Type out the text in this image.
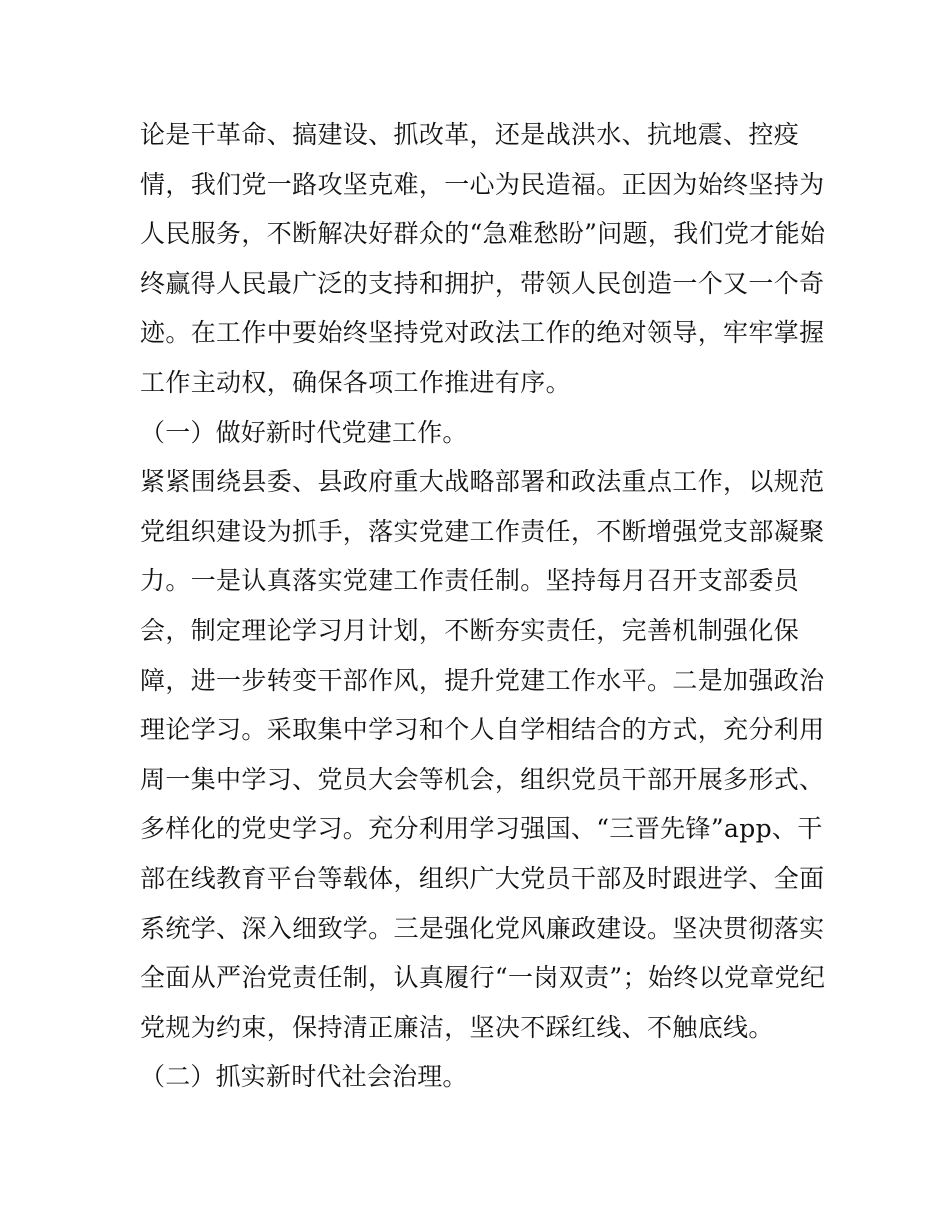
论是干革命、搞建设、抓改革，还是战洪水、抗地震、控疫
情，我们党一路攻坚克难，一心为民造福。正因为始终坚持为
人民服务，不断解决好群众的“急难愁盼”问题，我们党才能始
终赢得人民最广泛的支持和拥护，带领人民创造一个又一个奇
迹。在工作中要始终坚持党对政法工作的绝对领导，牢牢掌握
工作主动权，确保各项工作推进有序。
（一）做好新时代党建工作。
紧紧围绕县委、县政府重大战略部署和政法重点工作，以规范
党组织建设为抓手，落实党建工作责任，不断增强党支部凝聚
力。一是认真落实党建工作责任制。坚持每月召开支部委员
会，制定理论学习月计划，不断夯实责任，完善机制强化保
障，进一步转变干部作风，提升党建工作水平。二是加强政治
理论学习。采取集中学习和个人自学相结合的方式，充分利用
周一集中学习、党员大会等机会，组织党员干部开展多形式、
多样化的党史学习。充分利用学习强国、“三晋先锋”app、干
部在线教育平台等载体，组织广大党员干部及时跟进学、全面
系统学、深入细致学。三是强化党风廉政建设。坚决贯彻落实
全面从严治党责任制，认真履行“一岗双责”；始终以党章党纪
党规为约束，保持清正廉洁，坚决不踩红线、不触底线。
（二）抓实新时代社会治理。
